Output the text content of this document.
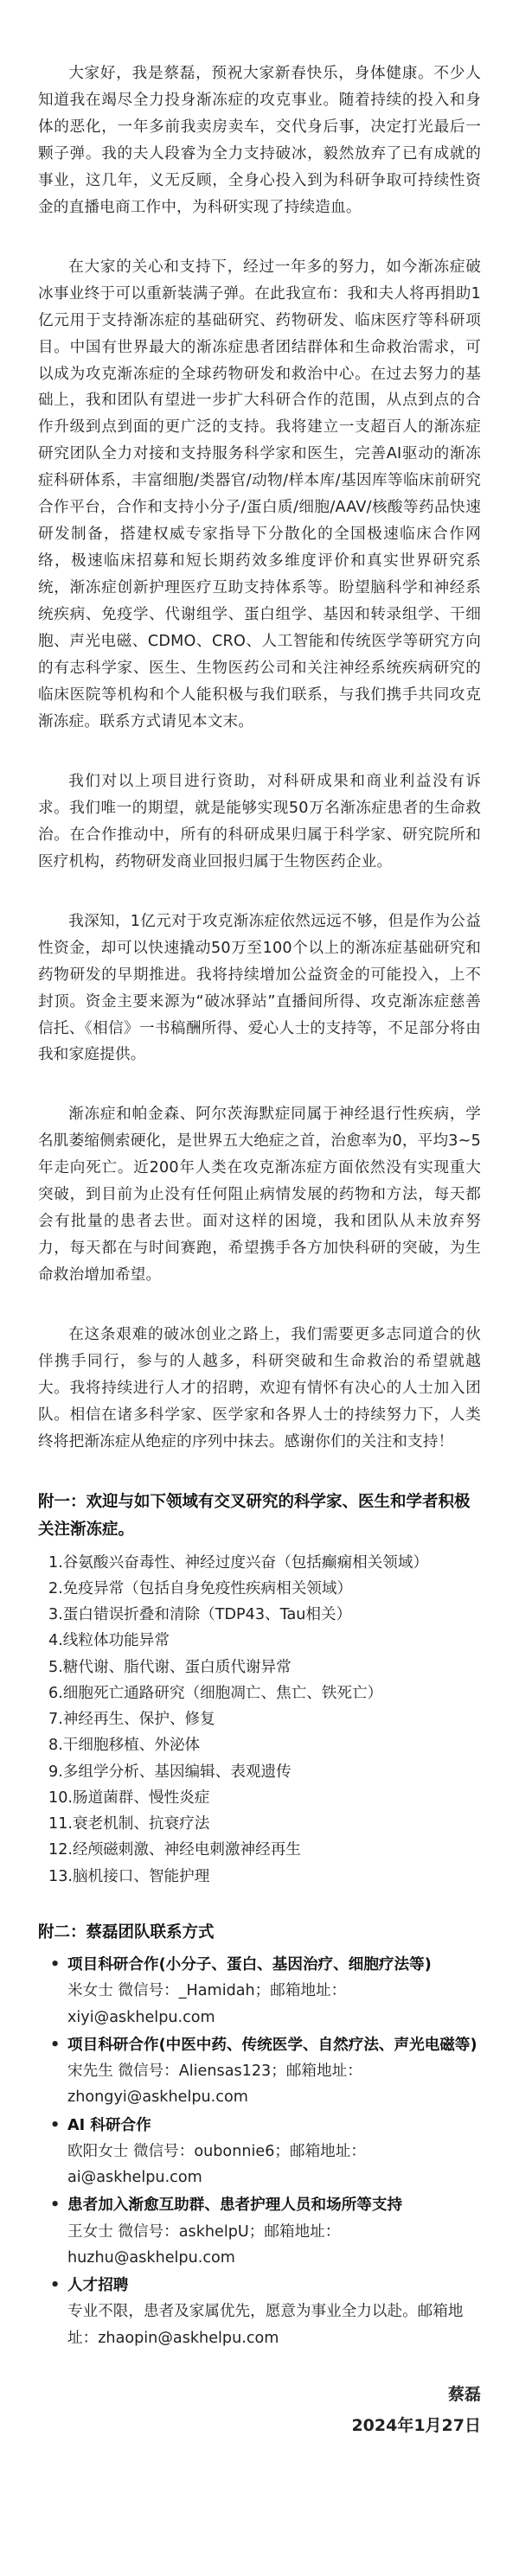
大家好，我是蔡磊，预祝大家新春快乐，身体健康。不少人知道我在竭尽全力投身渐冻症的攻克事业。随着持续的投入和身体的恶化，一年多前我卖房卖车，交代身后事，决定打光最后一颗子弹。我的夫人段睿为全力支持破冰，毅然放弃了已有成就的事业，这几年，义无反顾，全身心投入到为科研争取可持续性资金的直播电商工作中，为科研实现了持续造血。

在大家的关心和支持下，经过一年多的努力，如今渐冻症破冰事业终于可以重新装满子弹。在此我宣布：我和夫人将再捐助1亿元用于支持渐冻症的基础研究、药物研发、临床医疗等科研项目。中国有世界最大的渐冻症患者团结群体和生命救治需求，可以成为攻克渐冻症的全球药物研发和救治中心。在过去努力的基础上，我和团队有望进一步扩大科研合作的范围，从点到点的合作升级到点到面的更广泛的支持。我将建立一支超百人的渐冻症研究团队全力对接和支持服务科学家和医生，完善AI驱动的渐冻症科研体系，丰富细胞/类器官/动物/样本库/基因库等临床前研究合作平台，合作和支持小分子/蛋白质/细胞/AAV/核酸等药品快速研发制备，搭建权威专家指导下分散化的全国极速临床合作网络，极速临床招募和短长期药效多维度评价和真实世界研究系统，渐冻症创新护理医疗互助支持体系等。盼望脑科学和神经系统疾病、免疫学、代谢组学、蛋白组学、基因和转录组学、干细胞、声光电磁、CDMO、CRO、人工智能和传统医学等研究方向的有志科学家、医生、生物医药公司和关注神经系统疾病研究的临床医院等机构和个人能积极与我们联系，与我们携手共同攻克渐冻症。联系方式请见本文末。

我们对以上项目进行资助，对科研成果和商业利益没有诉求。我们唯一的期望，就是能够实现50万名渐冻症患者的生命救治。在合作推动中，所有的科研成果归属于科学家、研究院所和医疗机构，药物研发商业回报归属于生物医药企业。

我深知，1亿元对于攻克渐冻症依然远远不够，但是作为公益性资金，却可以快速撬动50万至100个以上的渐冻症基础研究和药物研发的早期推进。我将持续增加公益资金的可能投入，上不封顶。资金主要来源为“破冰驿站”直播间所得、攻克渐冻症慈善信托、《相信》一书稿酬所得、爱心人士的支持等，不足部分将由我和家庭提供。

渐冻症和帕金森、阿尔茨海默症同属于神经退行性疾病，学名肌萎缩侧索硬化，是世界五大绝症之首，治愈率为0，平均3~5年走向死亡。近200年人类在攻克渐冻症方面依然没有实现重大突破，到目前为止没有任何阻止病情发展的药物和方法，每天都会有批量的患者去世。面对这样的困境，我和团队从未放弃努力，每天都在与时间赛跑，希望携手各方加快科研的突破，为生命救治增加希望。

在这条艰难的破冰创业之路上，我们需要更多志同道合的伙伴携手同行，参与的人越多，科研突破和生命救治的希望就越大。我将持续进行人才的招聘，欢迎有情怀有决心的人士加入团队。相信在诸多科学家、医学家和各界人士的持续努力下，人类终将把渐冻症从绝症的序列中抹去。感谢你们的关注和支持！

附一：欢迎与如下领域有交叉研究的科学家、医生和学者积极关注渐冻症。
1.谷氨酸兴奋毒性、神经过度兴奋（包括癫痫相关领域）
2.免疫异常（包括自身免疫性疾病相关领域）
3.蛋白错误折叠和清除（TDP43、Tau相关）
4.线粒体功能异常
5.糖代谢、脂代谢、蛋白质代谢异常
6.细胞死亡通路研究（细胞凋亡、焦亡、铁死亡）
7.神经再生、保护、修复
8.干细胞移植、外泌体
9.多组学分析、基因编辑、表观遗传
10.肠道菌群、慢性炎症
11.衰老机制、抗衰疗法
12.经颅磁刺激、神经电刺激神经再生
13.脑机接口、智能护理
附二：蔡磊团队联系方式
• 项目科研合作(小分子、蛋白、基因治疗、细胞疗法等)
米女士 微信号：_Hamidah；邮箱地址：
xiyi@askhelpu.com
• 项目科研合作(中医中药、传统医学、自然疗法、声光电磁等)
宋先生 微信号：Aliensas123；邮箱地址：
zhongyi@askhelpu.com
• AI 科研合作
欧阳女士 微信号：oubonnie6；邮箱地址：
ai@askhelpu.com
• 患者加入渐愈互助群、患者护理人员和场所等支持
王女士 微信号：askhelpU；邮箱地址：
huzhu@askhelpu.com
• 人才招聘
专业不限，患者及家属优先，愿意为事业全力以赴。邮箱地址：zhaopin@askhelpu.com
蔡磊
2024年1月27日
